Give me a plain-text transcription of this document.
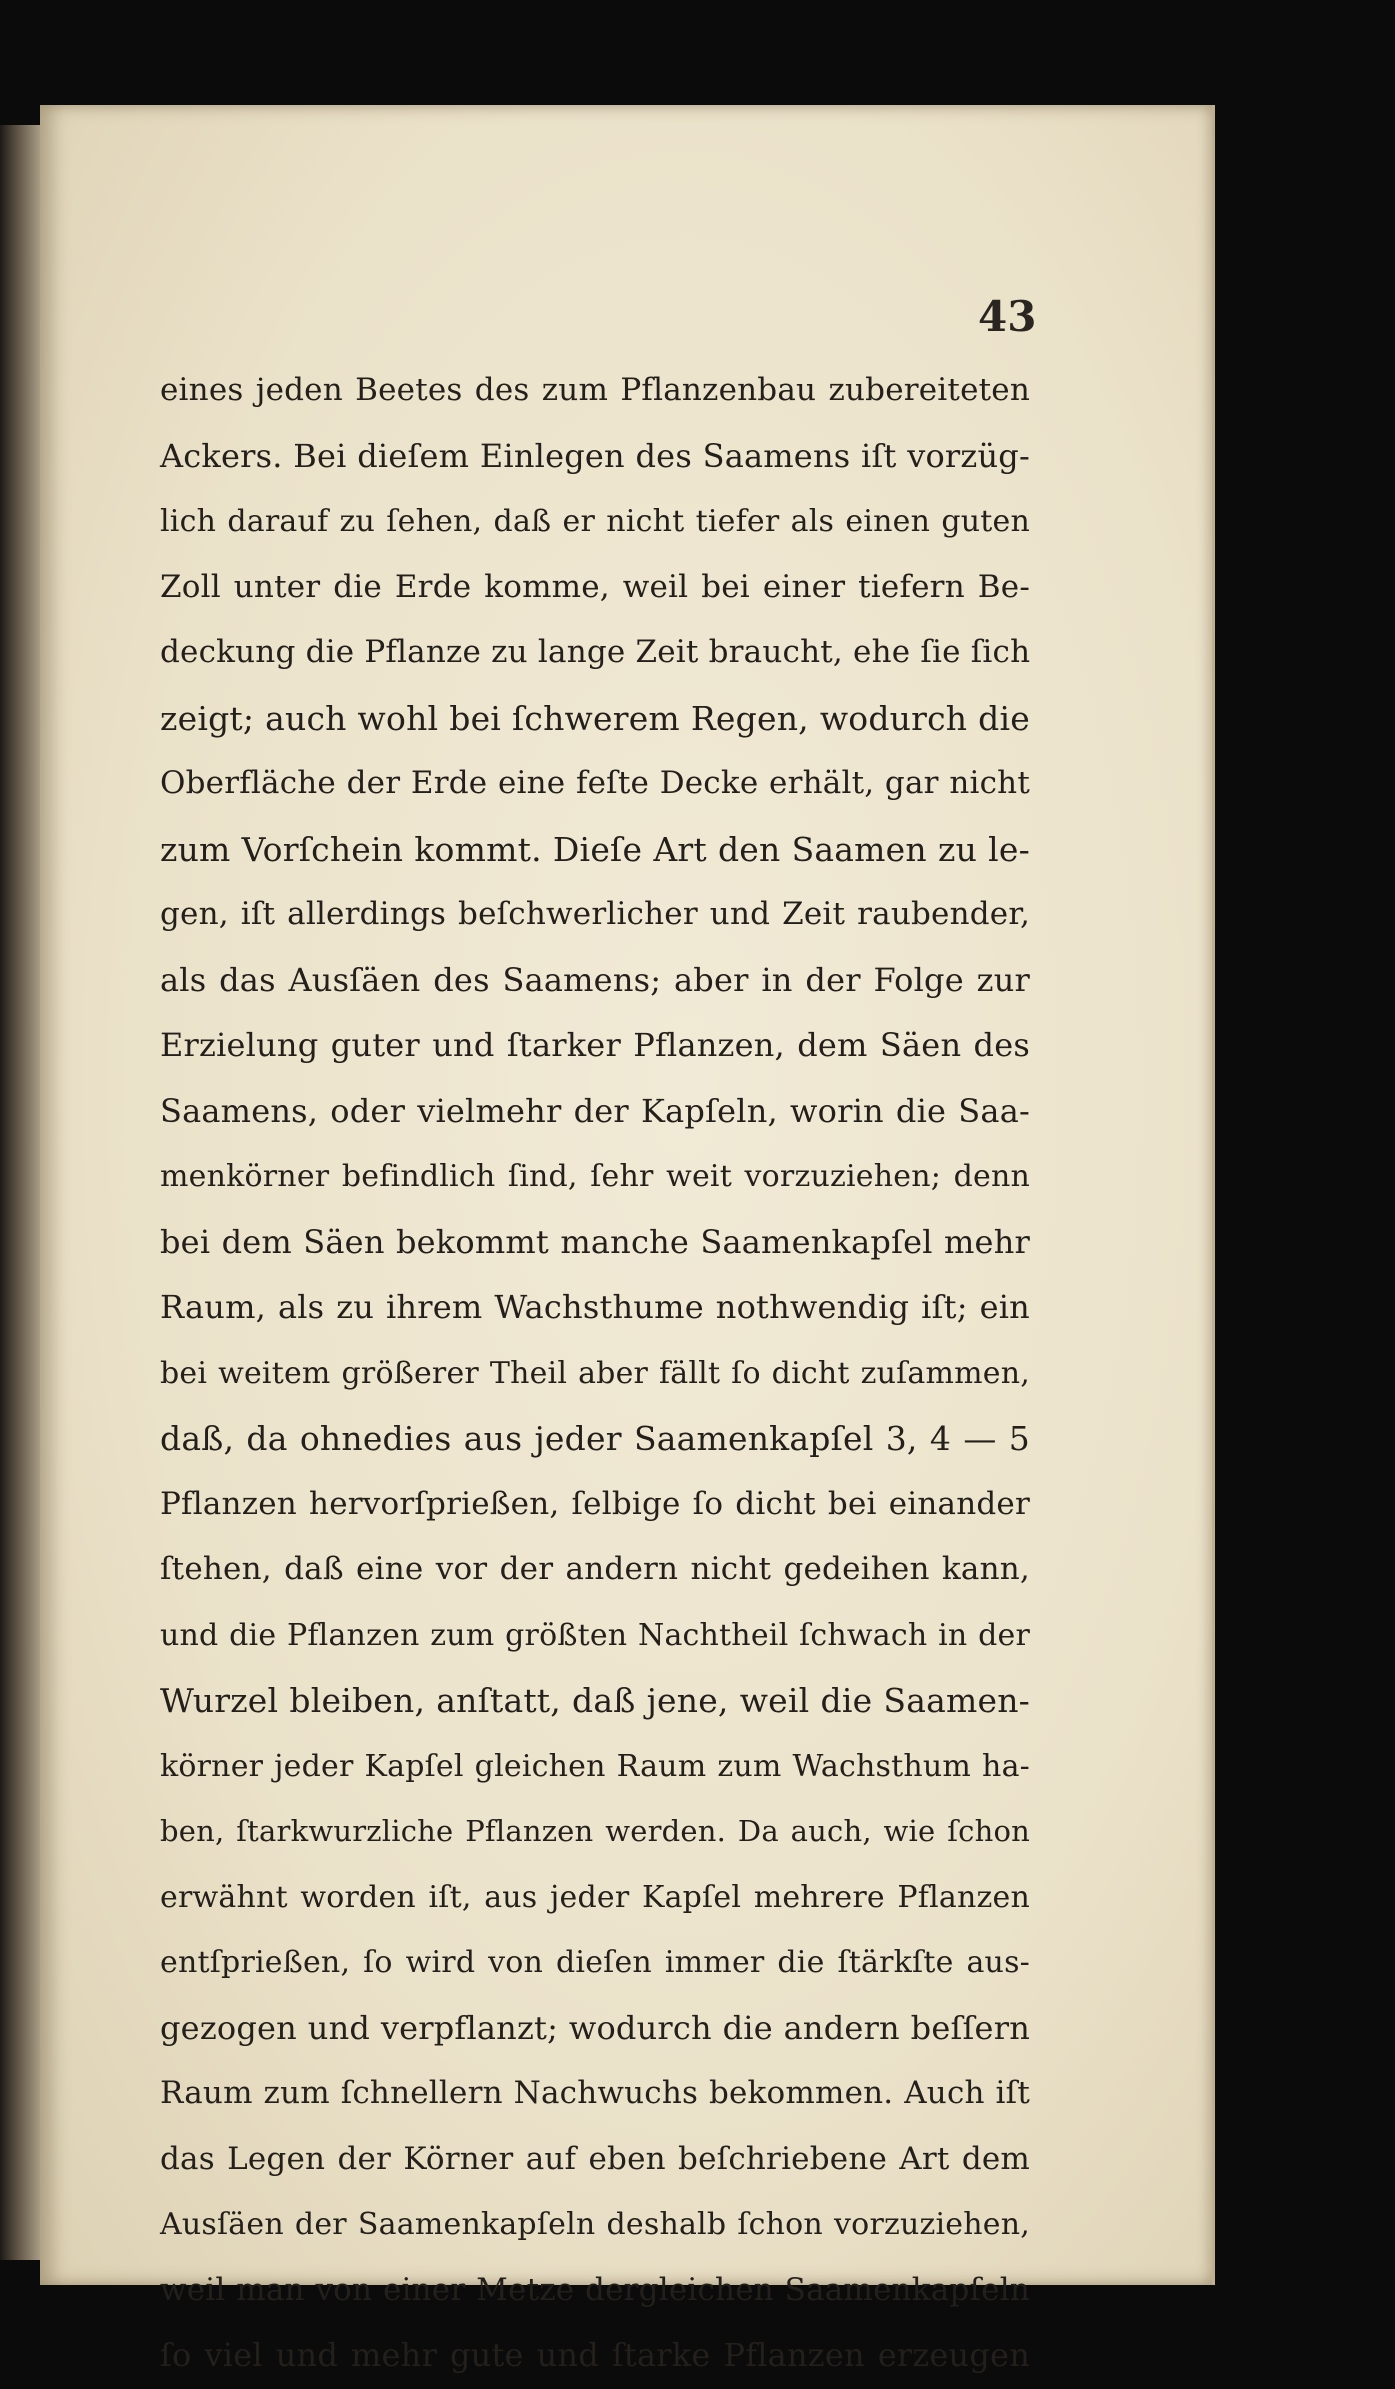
43
eines jeden Beetes des zum Pflanzenbau zubereiteten
Ackers. Bei dieſem Einlegen des Saamens iſt vorzüg-
lich darauf zu ſehen, daß er nicht tiefer als einen guten
Zoll unter die Erde komme, weil bei einer tiefern Be-
deckung die Pflanze zu lange Zeit braucht, ehe ſie ſich
zeigt; auch wohl bei ſchwerem Regen, wodurch die
Oberfläche der Erde eine feſte Decke erhält, gar nicht
zum Vorſchein kommt. Dieſe Art den Saamen zu le-
gen, iſt allerdings beſchwerlicher und Zeit raubender,
als das Ausſäen des Saamens; aber in der Folge zur
Erzielung guter und ſtarker Pflanzen, dem Säen des
Saamens, oder vielmehr der Kapſeln, worin die Saa-
menkörner befindlich ſind, ſehr weit vorzuziehen; denn
bei dem Säen bekommt manche Saamenkapſel mehr
Raum, als zu ihrem Wachsthume nothwendig iſt; ein
bei weitem größerer Theil aber fällt ſo dicht zuſammen,
daß, da ohnedies aus jeder Saamenkapſel 3, 4 — 5
Pflanzen hervorſprießen, ſelbige ſo dicht bei einander
ſtehen, daß eine vor der andern nicht gedeihen kann,
und die Pflanzen zum größten Nachtheil ſchwach in der
Wurzel bleiben, anſtatt, daß jene, weil die Saamen-
körner jeder Kapſel gleichen Raum zum Wachsthum ha-
ben, ſtarkwurzliche Pflanzen werden. Da auch, wie ſchon
erwähnt worden iſt, aus jeder Kapſel mehrere Pflanzen
entſprießen, ſo wird von dieſen immer die ſtärkſte aus-
gezogen und verpflanzt; wodurch die andern beſſern
Raum zum ſchnellern Nachwuchs bekommen. Auch iſt
das Legen der Körner auf eben beſchriebene Art dem
Ausſäen der Saamenkapſeln deshalb ſchon vorzuziehen,
weil man von einer Metze dergleichen Saamenkapſeln
ſo viel und mehr gute und ſtarke Pflanzen erzeugen
